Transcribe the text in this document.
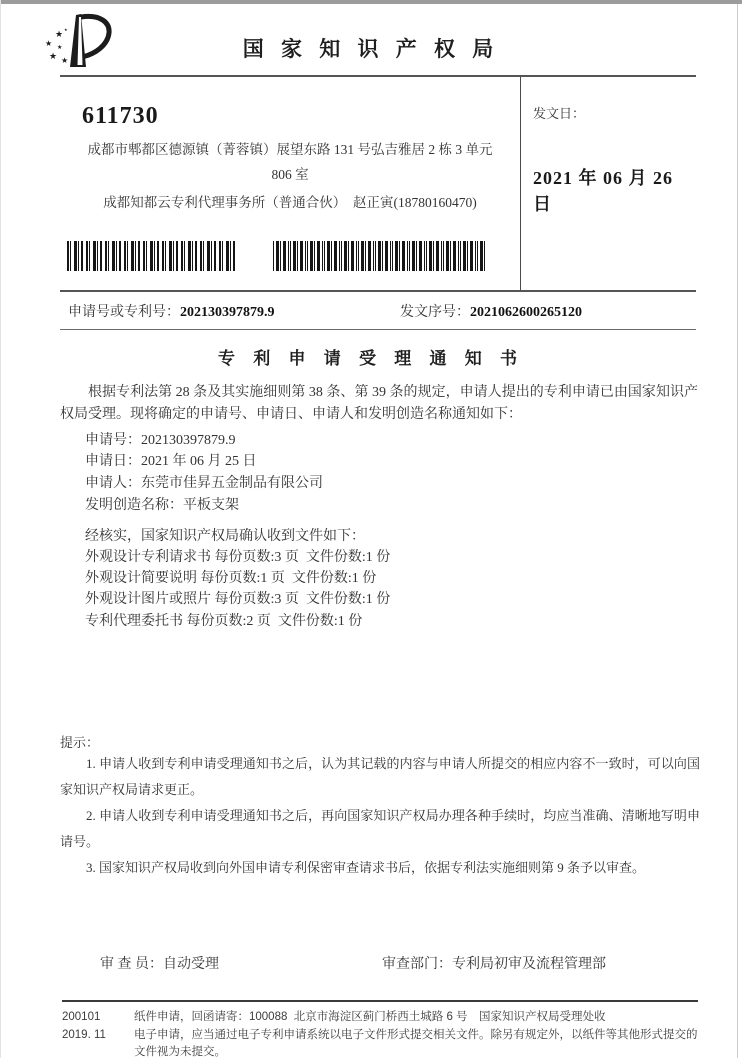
★
★ ★
★ ★
★
国 家 知 识 产 权 局
611730
成都市郫都区德源镇（菁蓉镇）展望东路 131 号弘吉雅居 2 栋 3 单元
806 室
成都知都云专利代理事务所（普通合伙）  赵正寅(18780160470)
发文日：
2021 年 06 月 26 日
申请号或专利号：202130397879.9	发文序号：2021062600265120
专 利 申 请 受 理 通 知 书
根据专利法第 28 条及其实施细则第 38 条、第 39 条的规定，申请人提出的专利申请已由国家知识产权局受理。现将确定的申请号、申请日、申请人和发明创造名称通知如下：
申请号：202130397879.9
申请日：2021 年 06 月 25 日
申请人：东莞市佳昇五金制品有限公司
发明创造名称：平板支架
经核实，国家知识产权局确认收到文件如下：
外观设计专利请求书 每份页数:3 页  文件份数:1 份
外观设计简要说明 每份页数:1 页  文件份数:1 份
外观设计图片或照片 每份页数:3 页  文件份数:1 份
专利代理委托书 每份页数:2 页  文件份数:1 份
提示：

1. 申请人收到专利申请受理通知书之后，认为其记载的内容与申请人所提交的相应内容不一致时，可以向国家知识产权局请求更正。

2. 申请人收到专利申请受理通知书之后，再向国家知识产权局办理各种手续时，均应当准确、清晰地写明申请号。

3. 国家知识产权局收到向外国申请专利保密审查请求书后，依据专利法实施细则第 9 条予以审查。

审 查 员：自动受理	审查部门：专利局初审及流程管理部
200101	纸件申请，回函请寄：100088  北京市海淀区蓟门桥西土城路 6 号　国家知识产权局受理处收
2019. 11	电子申请，应当通过电子专利申请系统以电子文件形式提交相关文件。除另有规定外，以纸件等其他形式提交的文件视为未提交。
